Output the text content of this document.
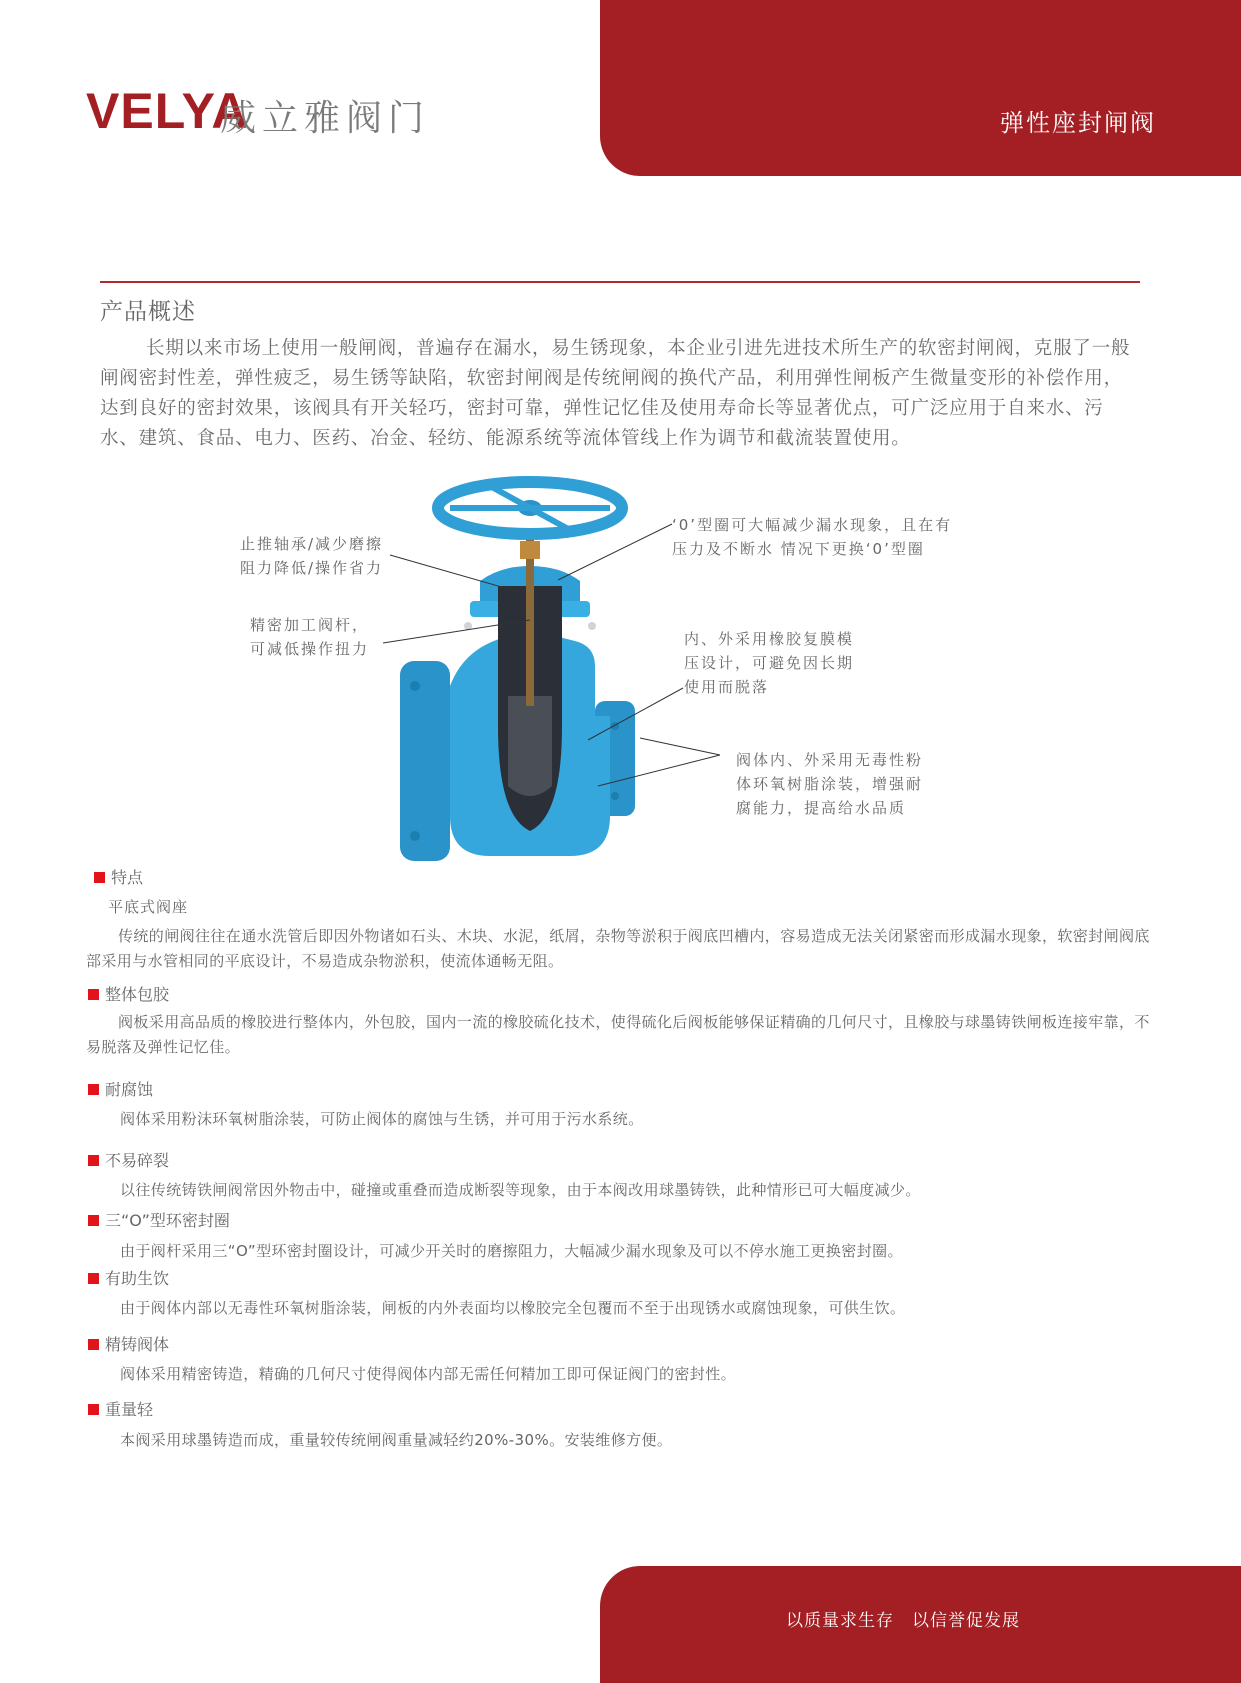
VELYA
威立雅阀门	弹性座封闸阀
产品概述

长期以来市场上使用一般闸阀，普遍存在漏水，易生锈现象，本企业引进先进技术所生产的软密封闸阀，克服了一般闸阀密封性差，弹性疲乏，易生锈等缺陷，软密封闸阀是传统闸阀的换代产品，利用弹性闸板产生微量变形的补偿作用，达到良好的密封效果，该阀具有开关轻巧，密封可靠，弹性记忆佳及使用寿命长等显著优点，可广泛应用于自来水、污水、建筑、食品、电力、医药、冶金、轻纺、能源系统等流体管线上作为调节和截流装置使用。

止推轴承/减少磨擦
阻力降低/操作省力

精密加工阀杆，
可减低操作扭力

‘0’型圈可大幅减少漏水现象，且在有
压力及不断水 情况下更换‘0’型圈

内、外采用橡胶复膜模
压设计，可避免因长期
使用而脱落

阀体内、外采用无毒性粉
体环氧树脂涂装，增强耐
腐能力，提高给水品质

特点
平底式阀座

传统的闸阀往往在通水洗管后即因外物诸如石头、木块、水泥，纸屑，杂物等淤积于阀底凹槽内，容易造成无法关闭紧密而形成漏水现象，软密封闸阀底部采用与水管相同的平底设计，不易造成杂物淤积，使流体通畅无阻。

整体包胶

阀板采用高品质的橡胶进行整体内，外包胶，国内一流的橡胶硫化技术，使得硫化后阀板能够保证精确的几何尺寸，且橡胶与球墨铸铁闸板连接牢靠，不易脱落及弹性记忆佳。

耐腐蚀

阀体采用粉沫环氧树脂涂装，可防止阀体的腐蚀与生锈，并可用于污水系统。

不易碎裂

以往传统铸铁闸阀常因外物击中，碰撞或重叠而造成断裂等现象，由于本阀改用球墨铸铁，此种情形已可大幅度减少。

三“O”型环密封圈

由于阀杆采用三“O”型环密封圈设计，可减少开关时的磨擦阻力，大幅减少漏水现象及可以不停水施工更换密封圈。

有助生饮

由于阀体内部以无毒性环氧树脂涂装，闸板的内外表面均以橡胶完全包覆而不至于出现锈水或腐蚀现象，可供生饮。

精铸阀体

阀体采用精密铸造，精确的几何尺寸使得阀体内部无需任何精加工即可保证阀门的密封性。

重量轻

本阀采用球墨铸造而成，重量较传统闸阀重量减轻约20%-30%。安装维修方便。

以质量求生存　以信誉促发展
